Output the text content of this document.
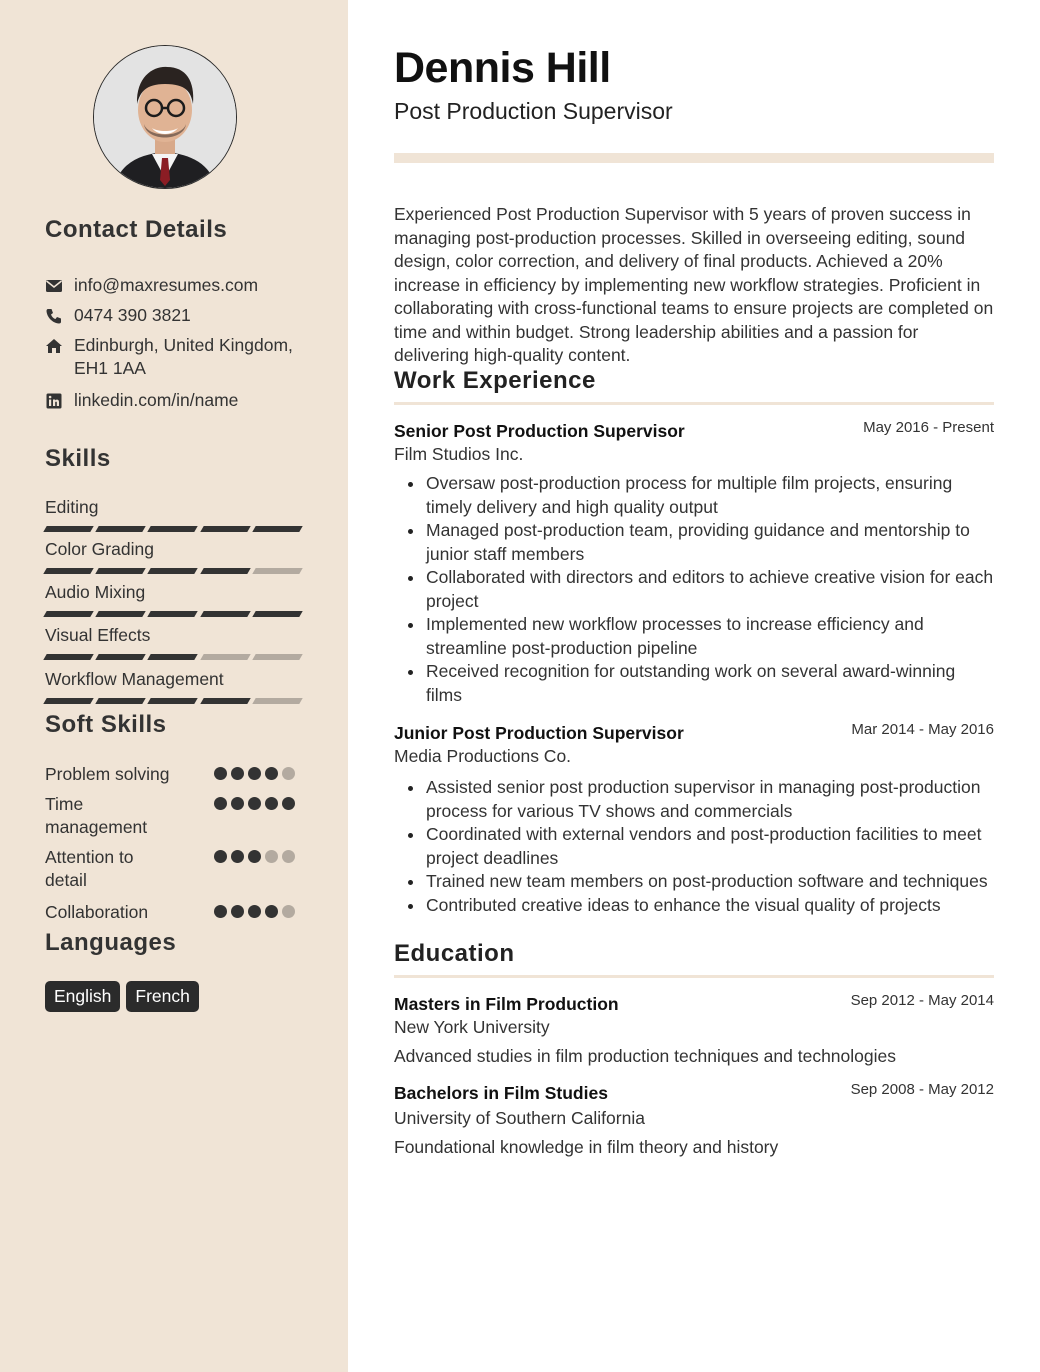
Contact Details
info@maxresumes.com
0474 390 3821
Edinburgh, United Kingdom, EH1 1AA
linkedin.com/in/name
Skills
Editing
Color Grading
Audio Mixing
Visual Effects
Workflow Management
Soft Skills
Problem solving
Time management
Attention to detail
Collaboration
Languages
English	French
Dennis Hill
Post Production Supervisor

Experienced Post Production Supervisor with 5 years of proven success in managing post-production processes. Skilled in overseeing editing, sound design, color correction, and delivery of final products. Achieved a 20% increase in efficiency by implementing new workflow strategies. Proficient in collaborating with cross-functional teams to ensure projects are completed on time and within budget. Strong leadership abilities and a passion for delivering high-quality content.

Work Experience
Senior Post Production Supervisor	May 2016 - Present
Film Studios Inc.
Oversaw post-production process for multiple film projects, ensuring timely delivery and high quality output
Managed post-production team, providing guidance and mentorship to junior staff members
Collaborated with directors and editors to achieve creative vision for each project
Implemented new workflow processes to increase efficiency and streamline post-production pipeline
Received recognition for outstanding work on several award-winning films
Junior Post Production Supervisor	Mar 2014 - May 2016
Media Productions Co.
Assisted senior post production supervisor in managing post-production process for various TV shows and commercials
Coordinated with external vendors and post-production facilities to meet project deadlines
Trained new team members on post-production software and techniques
Contributed creative ideas to enhance the visual quality of projects
Education
Masters in Film Production	Sep 2012 - May 2014
New York University
Advanced studies in film production techniques and technologies
Bachelors in Film Studies	Sep 2008 - May 2012
University of Southern California
Foundational knowledge in film theory and history
